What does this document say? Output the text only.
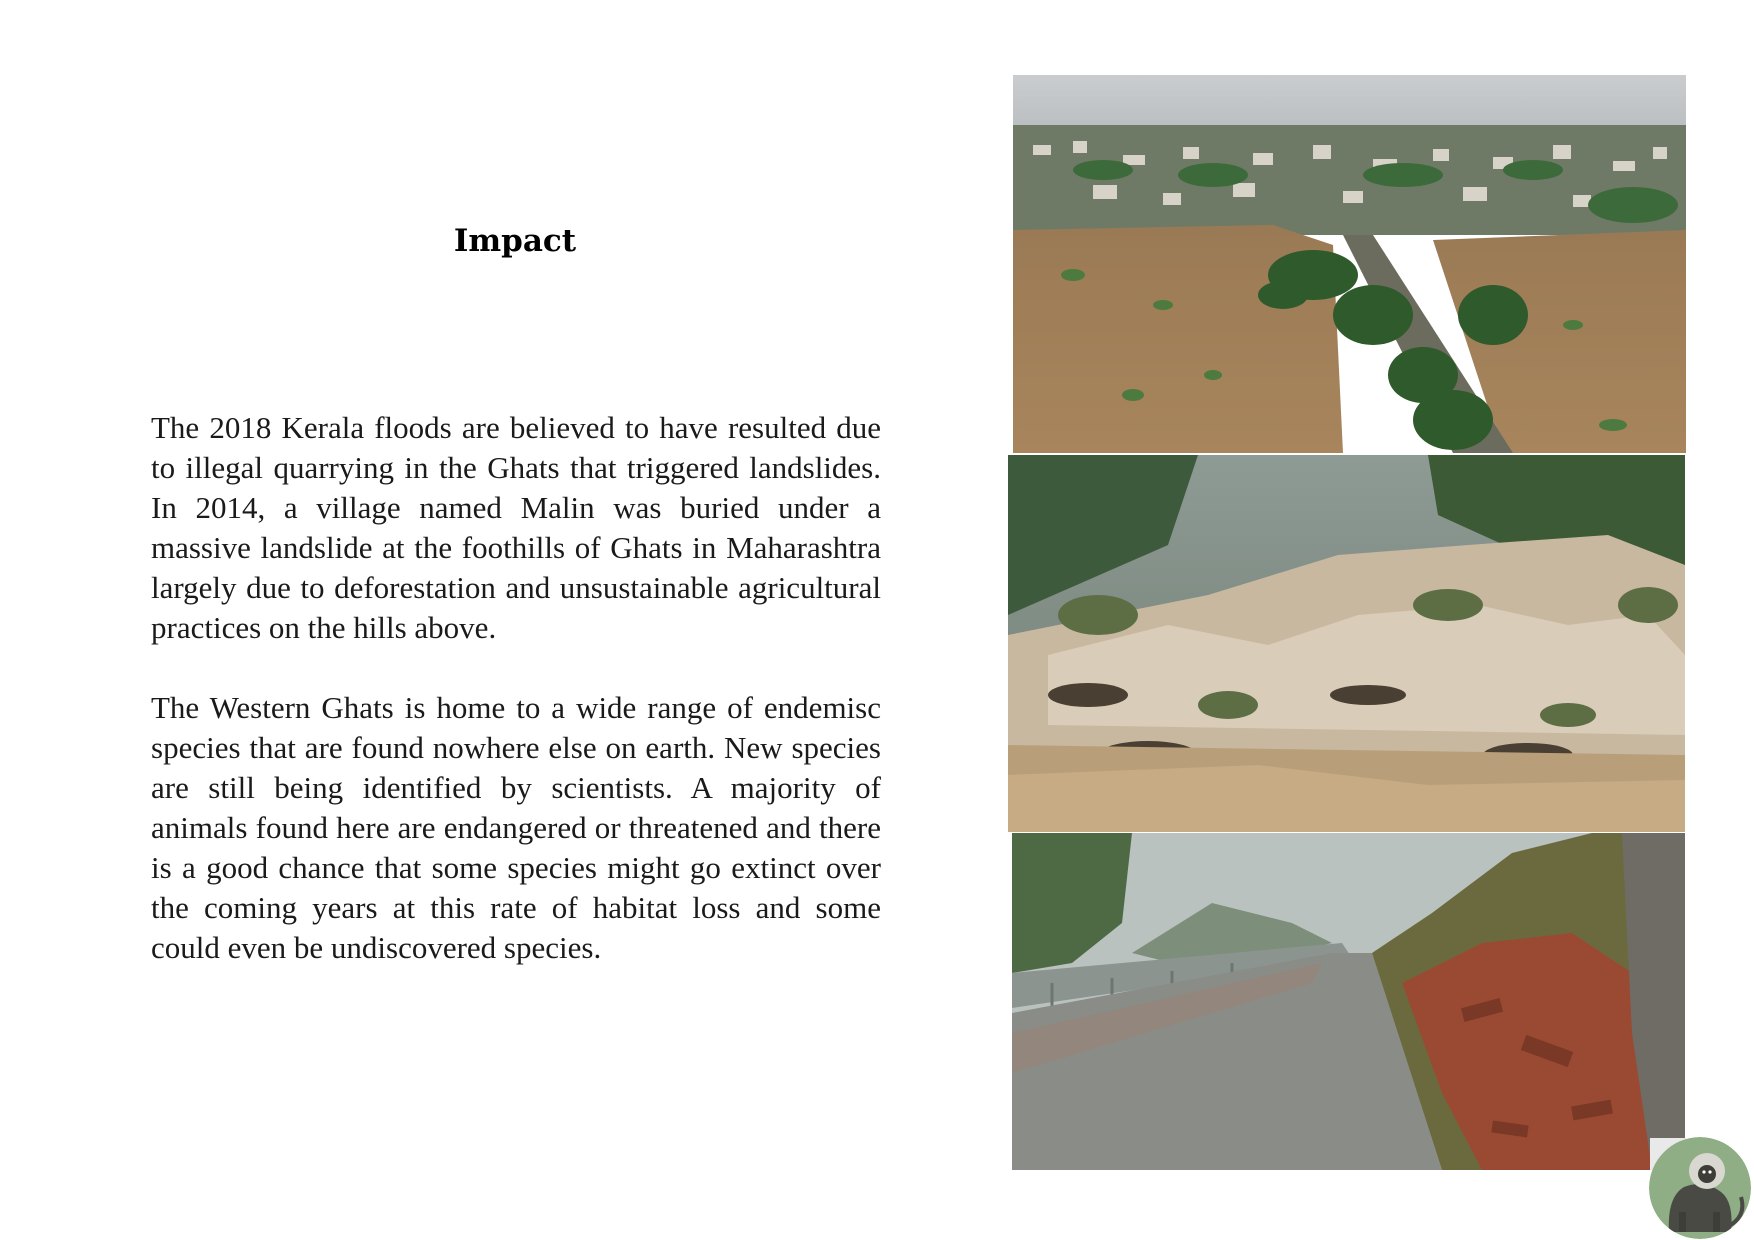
Impact

The 2018 Kerala floods are believed to have resulted due to illegal quarrying in the Ghats that triggered landslides. In 2014, a village named Malin was buried under a massive landslide at the foothills of Ghats in Maharashtra largely due to deforestation and unsustainable agricultural practices on the hills above.

The Western Ghats is home to a wide range of endemisc species that are found nowhere else on earth. New species are still being identified by scientists. A majority of animals found here are endangered or threatened and there is a good chance that some species might go extinct over the coming years at this rate of habitat loss and some could even be undiscovered species.
